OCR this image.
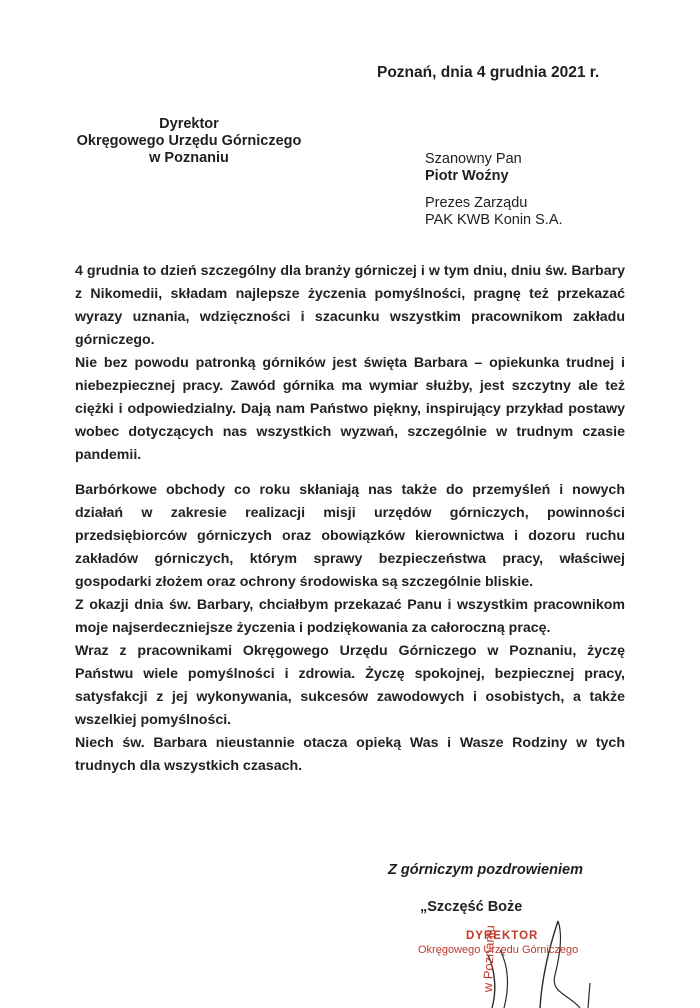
Poznań, dnia 4 grudnia 2021 r.
Dyrektor
Okręgowego Urzędu Górniczego
w Poznaniu	Szanowny Pan
Piotr Woźny
Prezes Zarządu
PAK KWB Konin S.A.

4 grudnia to dzień szczególny dla branży górniczej i w tym dniu, dniu św. Barbary z Nikomedii, składam najlepsze życzenia pomyślności, pragnę też przekazać wyrazy uznania, wdzięczności i szacunku wszystkim pracownikom zakładu górniczego.

Nie bez powodu patronką górników jest święta Barbara – opiekunka trudnej i niebezpiecznej pracy. Zawód górnika ma wymiar służby, jest szczytny ale też ciężki i odpowiedzialny. Dają nam Państwo piękny, inspirujący przykład postawy wobec dotyczących nas wszystkich wyzwań, szczególnie w trudnym czasie pandemii.

Barbórkowe obchody co roku skłaniają nas także do przemyśleń i nowych działań w zakresie realizacji misji urzędów górniczych, powinności przedsiębiorców górniczych oraz obowiązków kierownictwa i dozoru ruchu zakładów górniczych, którym sprawy bezpieczeństwa pracy, właściwej gospodarki złożem oraz ochrony środowiska są szczególnie bliskie.

Z okazji dnia św. Barbary, chciałbym przekazać Panu i wszystkim pracownikom moje najserdeczniejsze życzenia i podziękowania za całoroczną pracę.

Wraz z pracownikami Okręgowego Urzędu Górniczego w Poznaniu, życzę Państwu wiele pomyślności i zdrowia. Życzę spokojnej, bezpiecznej pracy, satysfakcji z jej wykonywania, sukcesów zawodowych i osobistych, a także wszelkiej pomyślności.

Niech św. Barbara nieustannie otacza opieką Was i Wasze Rodziny w tych trudnych dla wszystkich czasach.

Z górniczym pozdrowieniem
„Szczęść Boże
DYREKTOR
Okręgowego Urzędu Górniczego
w Poznaniu
